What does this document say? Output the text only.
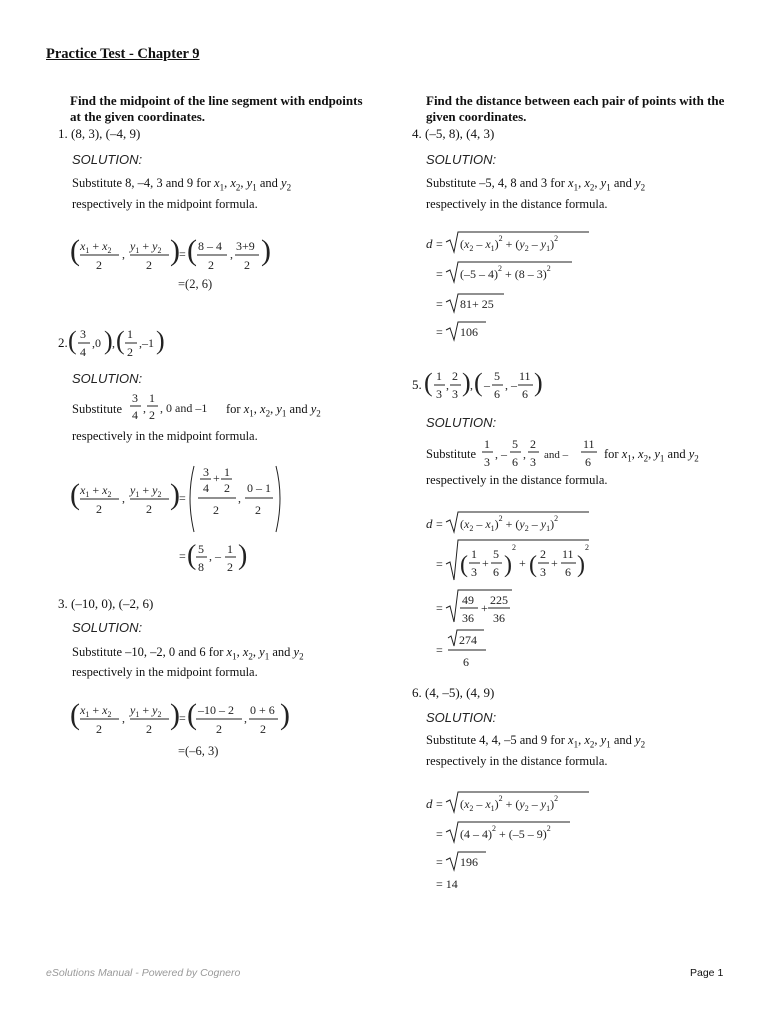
Practice Test - Chapter 9
Find the midpoint of the line segment with endpoints at the given coordinates.
1. (8, 3), (–4, 9)
SOLUTION:
Substitute 8, –4, 3 and 9 for $x_1$, $x_2$, $y_1$ and $y_2$
respectively in the midpoint formula.
( $x_1 + x_2$
2
,
$y_1 + y_2$
2 ) = ( 8 – 4
2
,
3+9
2 )
=(2, 6)
2. ( 3
4
,0 ) , ( 1
2
,–1 )
SOLUTION:
Substitute
3
4 ,
1
2 , 0 and –1 for $x_1$, $x_2$, $y_1$ and $y_2$
respectively in the midpoint formula.
( $x_1 + x_2$
2
,
$y_1 + y_2$
2 ) =
3 + 1
4 2
2
,
0 – 1
2
= ( 5
8
, – 1
2 )
3. (–10, 0), (–2, 6)
SOLUTION:
Substitute –10, –2, 0 and 6 for $x_1$, $x_2$, $y_1$ and $y_2$
respectively in the midpoint formula.
( $x_1 + x_2$
2
,
$y_1 + y_2$
2 ) = ( –10 – 2
2
,
0 + 6
2 )
=(–6, 3)
Find the distance between each pair of points with the given coordinates.
4. (–5, 8), (4, 3)
SOLUTION:
Substitute –5, 4, 8 and 3 for $x_1$, $x_2$, $y_1$ and $y_2$
respectively in the distance formula.
$d = (x_2 - x_1)^2 + (y_2 - y_1)^2$
= (–5 – 4)$^2$ + (8 – 3)$^2$
= 81+ 25
= 106
5. ( 1
3
,
2
3 ) , ( –
5
6
, –
11
6 )
SOLUTION:
Substitute
1
3
, –
5
6
,
2
3 and –
11
6
for $x_1$, $x_2$, $y_1$ and $y_2$
respectively in the distance formula.
$d = (x_2 - x_1)^2 + (y_2 - y_1)^2$
= ( 1
3
+
5
6 )
2
+ ( 2
3
+
11
6 )
2
=
49
36
+
225
36
=
274
6
6. (4, –5), (4, 9)
SOLUTION:
Substitute 4, 4, –5 and 9 for $x_1$, $x_2$, $y_1$ and $y_2$
respectively in the distance formula.
$d = (x_2 - x_1)^2 + (y_2 - y_1)^2$
= (4 – 4)$^2$ + (–5 – 9)$^2$
= 196
= 14
eSolutions Manual - Powered by Cognero	Page 1
